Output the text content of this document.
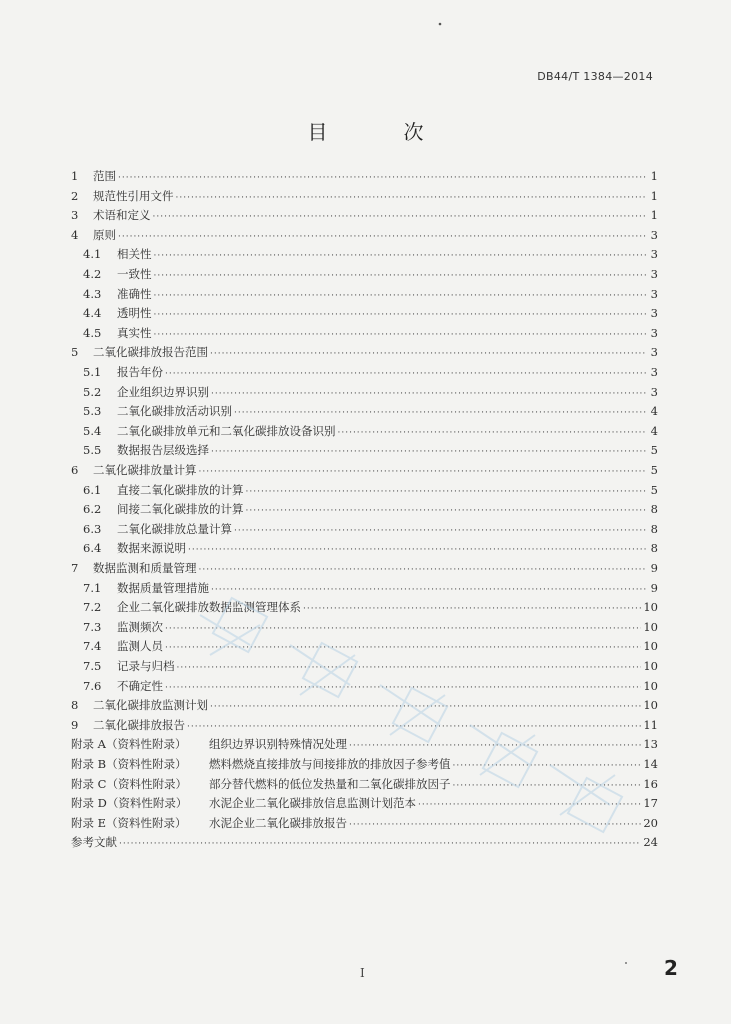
DB44/T 1384—2014
目　次
1	范围 ·····	1
2	规范性引用文件 ·····	1
3	术语和定义 ·····	1
4	原则 ·····	3
4.1	相关性 ·····	3
4.2	一致性 ·····	3
4.3	准确性 ·····	3
4.4	透明性 ·····	3
4.5	真实性 ·····	3
5	二氧化碳排放报告范围 ·····	3
5.1	报告年份 ·····	3
5.2	企业组织边界识别 ·····	3
5.3	二氧化碳排放活动识别 ·····	4
5.4	二氧化碳排放单元和二氧化碳排放设备识别 ·····	4
5.5	数据报告层级选择 ·····	5
6	二氧化碳排放量计算 ·····	5
6.1	直接二氧化碳排放的计算 ·····	5
6.2	间接二氧化碳排放的计算 ·····	8
6.3	二氧化碳排放总量计算 ·····	8
6.4	数据来源说明 ·····	8
7	数据监测和质量管理 ·····	9
7.1	数据质量管理措施 ·····	9
7.2	企业二氧化碳排放数据监测管理体系 ·····	10
7.3	监测频次 ·····	10
7.4	监测人员 ·····	10
7.5	记录与归档 ·····	10
7.6	不确定性 ·····	10
8	二氧化碳排放监测计划 ·····	10
9	二氧化碳排放报告 ·····	11
附录 A（资料性附录）	组织边界识别特殊情况处理 ·····	13
附录 B（资料性附录）	燃料燃烧直接排放与间接排放的排放因子参考值 ·····	14
附录 C（资料性附录）	部分替代燃料的低位发热量和二氧化碳排放因子 ·····	16
附录 D（资料性附录）	水泥企业二氧化碳排放信息监测计划范本 ·····	17
附录 E（资料性附录）	水泥企业二氧化碳排放报告 ·····	20
参考文献 ·····	24
I	2
